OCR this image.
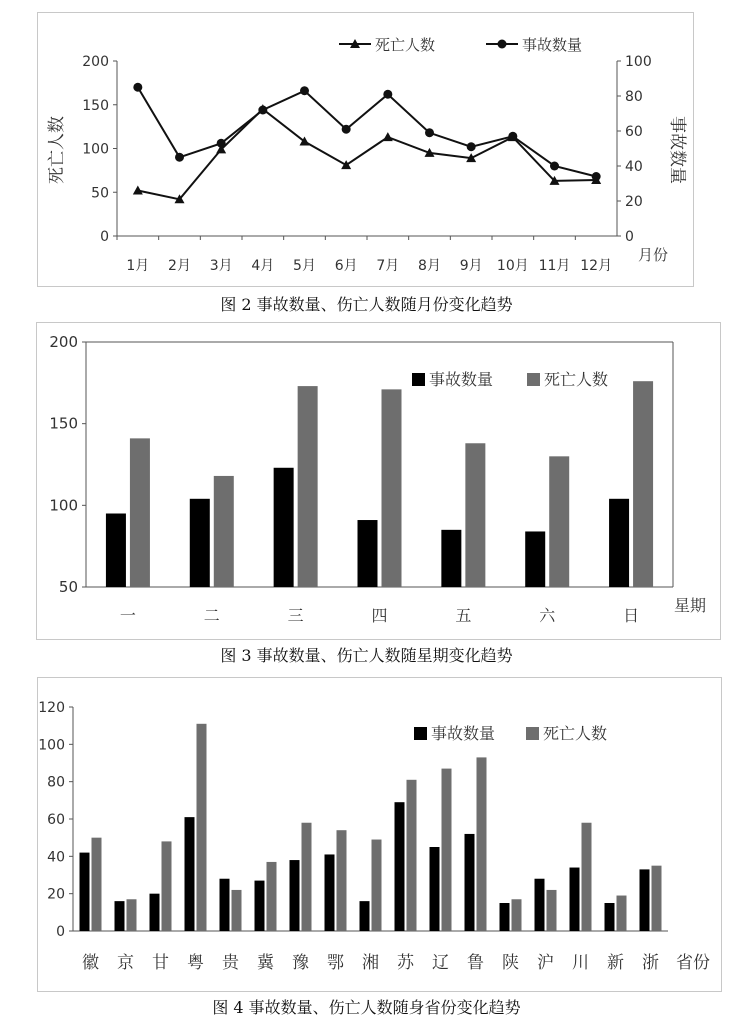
0
50
100
150
200
0
20
40
60
80
100
1月 2月 3月 4月 5月 6月 7月 8月 9月 10月 11月 12月
月份
死亡人数	事故数量
死亡人数	事故数量
图 2 事故数量、伤亡人数随月份变化趋势
50
100
150
200
一	二	三	四	五	六	日
星期
事故数量	死亡人数
图 3 事故数量、伤亡人数随星期变化趋势
0
20
40
60
80
100
120
徽 京 甘 粤 贵 冀 豫 鄂 湘 苏 辽 鲁 陕 沪 川 新 浙 省份
事故数量	死亡人数
图 4 事故数量、伤亡人数随身省份变化趋势
